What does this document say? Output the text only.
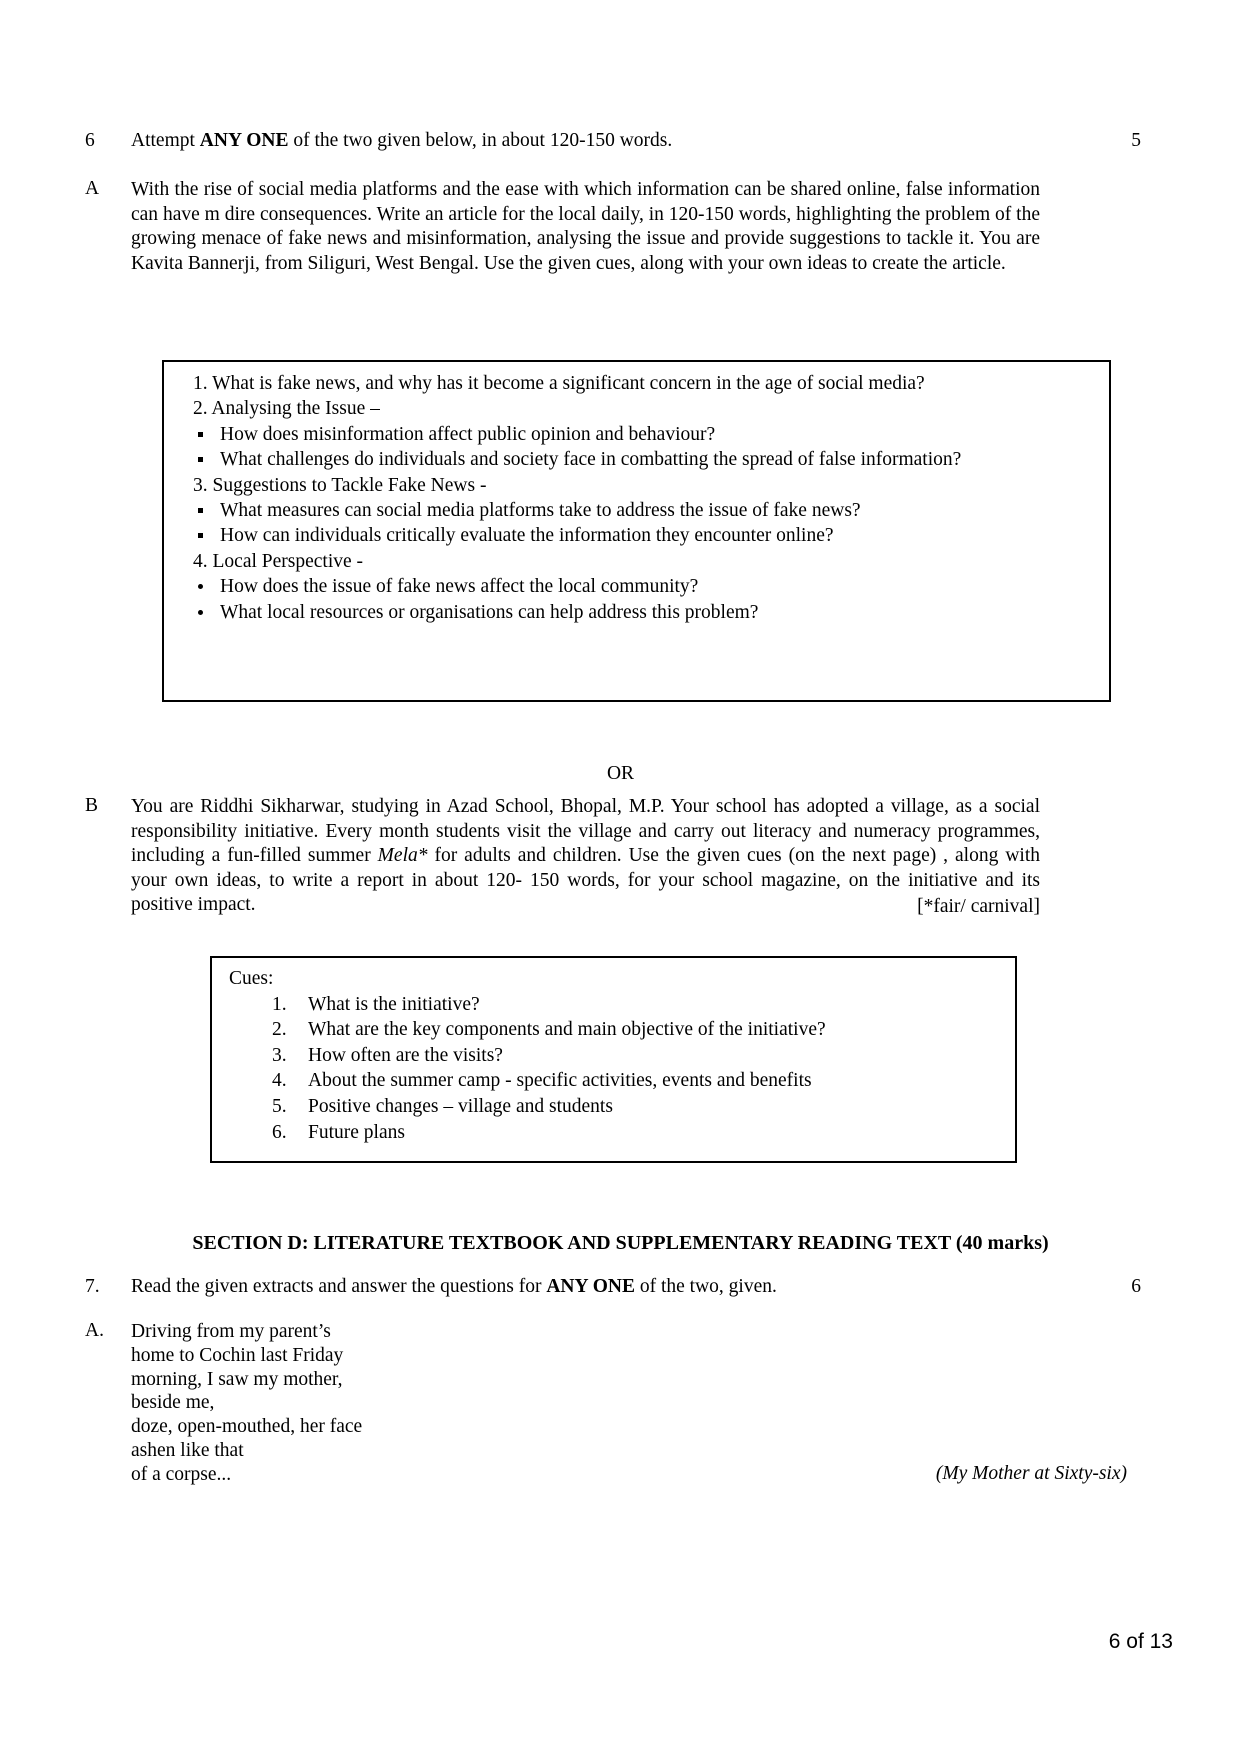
6	Attempt ANY ONE of the two given below, in about 120-150 words.	5
A	With the rise of social media platforms and the ease with which information can be shared online, false information can have m dire consequences. Write an article for the local daily, in 120-150 words, highlighting the problem of the growing menace of fake news and misinformation, analysing the issue and provide suggestions to tackle it. You are Kavita Bannerji, from Siliguri, West Bengal. Use the given cues, along with your own ideas to create the article.
1. What is fake news, and why has it become a significant concern in the age of social media?
2. Analysing the Issue –
How does misinformation affect public opinion and behaviour?
What challenges do individuals and society face in combatting the spread of false information?
3. Suggestions to Tackle Fake News -
What measures can social media platforms take to address the issue of fake news?
How can individuals critically evaluate the information they encounter online?
4. Local Perspective -
How does the issue of fake news affect the local community?
What local resources or organisations can help address this problem?
OR
B	You are Riddhi Sikharwar, studying in Azad School, Bhopal, M.P. Your school has adopted a village, as a social responsibility initiative. Every month students visit the village and carry out literacy and numeracy programmes, including a fun-filled summer Mela* for adults and children. Use the given cues (on the next page) , along with your own ideas, to write a report in about 120- 150 words, for your school magazine, on the initiative and its positive impact.	[*fair/ carnival]
Cues:
1.	What is the initiative?
2.	What are the key components and main objective of the initiative?
3.	How often are the visits?
4.	About the summer camp - specific activities, events and benefits
5.	Positive changes – village and students
6.	Future plans
SECTION D: LITERATURE TEXTBOOK AND SUPPLEMENTARY READING TEXT (40 marks)
7.	Read the given extracts and answer the questions for ANY ONE of the two, given.	6
A.	Driving from my parent’s
home to Cochin last Friday
morning, I saw my mother,
beside me,
doze, open-mouthed, her face
ashen like that
of a corpse...	(My Mother at Sixty-six)
6 of 13
